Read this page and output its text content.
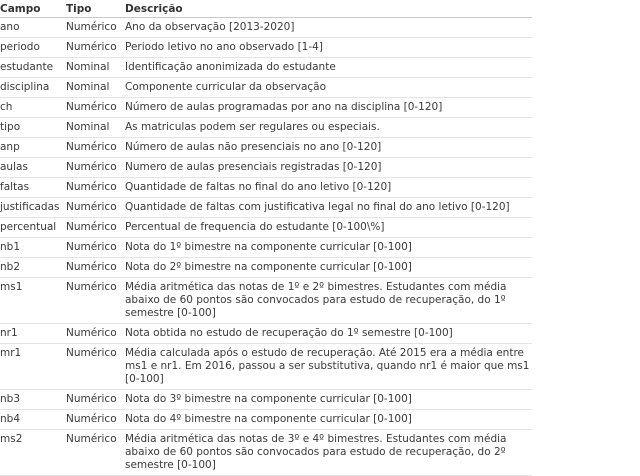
Campo	Tipo	Descrição
ano	Numérico	Ano da observação [2013-2020]
periodo	Numérico	Periodo letivo no ano observado [1-4]
estudante	Nominal	Identificação anonimizada do estudante
disciplina	Nominal	Componente curricular da observação
ch	Numérico	Número de aulas programadas por ano na disciplina [0-120]
tipo	Nominal	As matriculas podem ser regulares ou especiais.
anp	Numérico	Número de aulas não presenciais no ano [0-120]
aulas	Numérico	Numero de aulas presenciais registradas [0-120]
faltas	Numérico	Quantidade de faltas no final do ano letivo [0-120]
justificadas	Numérico	Quantidade de faltas com justificativa legal no final do ano letivo [0-120]
percentual	Numérico	Percentual de frequencia do estudante [0-100\%]
nb1	Numérico	Nota do 1º bimestre na componente curricular [0-100]
nb2	Numérico	Nota do 2º bimestre na componente curricular [0-100]
ms1	Numérico	Média aritmética das notas de 1º e 2º bimestres. Estudantes com média abaixo de 60 pontos são convocados para estudo de recuperação, do 1º semestre [0-100]
nr1	Numérico	Nota obtida no estudo de recuperação do 1º semestre [0-100]
mr1	Numérico	Média calculada após o estudo de recuperação. Até 2015 era a média entre ms1 e nr1. Em 2016, passou a ser substitutiva, quando nr1 é maior que ms1 [0-100]
nb3	Numérico	Nota do 3º bimestre na componente curricular [0-100]
nb4	Numérico	Nota do 4º bimestre na componente curricular [0-100]
ms2	Numérico	Média aritmética das notas de 3º e 4º bimestres. Estudantes com média abaixo de 60 pontos são convocados para estudo de recuperação, do 2º semestre [0-100]
